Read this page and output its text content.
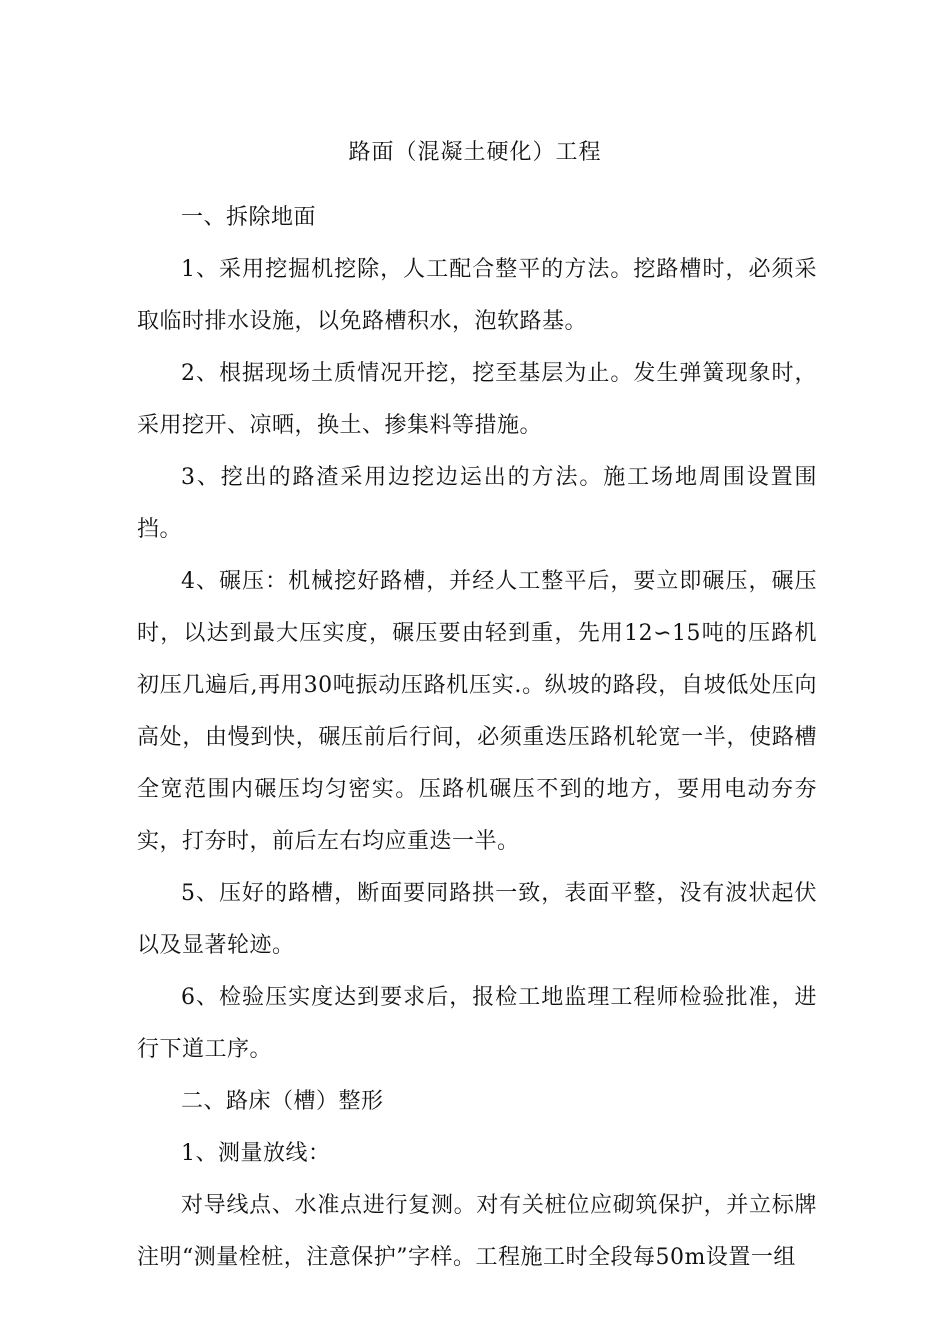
路面（混凝土硬化）工程

一、拆除地面

1、采用挖掘机挖除，人工配合整平的方法。挖路槽时，必须采取临时排水设施，以免路槽积水，泡软路基。

2、根据现场土质情况开挖，挖至基层为止。发生弹簧现象时，采用挖开、凉晒，换土、掺集料等措施。

3、挖出的路渣采用边挖边运出的方法。施工场地周围设置围挡。

4、碾压：机械挖好路槽，并经人工整平后，要立即碾压，碾压时，以达到最大压实度，碾压要由轻到重，先用12∽15吨的压路机初压几遍后,再用30吨振动压路机压实.。纵坡的路段，自坡低处压向高处，由慢到快，碾压前后行间，必须重迭压路机轮宽一半，使路槽全宽范围内碾压均匀密实。压路机碾压不到的地方，要用电动夯夯实，打夯时，前后左右均应重迭一半。

5、压好的路槽，断面要同路拱一致，表面平整，没有波状起伏以及显著轮迹。

6、检验压实度达到要求后，报检工地监理工程师检验批准，进行下道工序。

二、路床（槽）整形

1、测量放线：

对导线点、水准点进行复测。对有关桩位应砌筑保护，并立标牌注明“测量栓桩，注意保护”字样。工程施工时全段每50m设置一组
